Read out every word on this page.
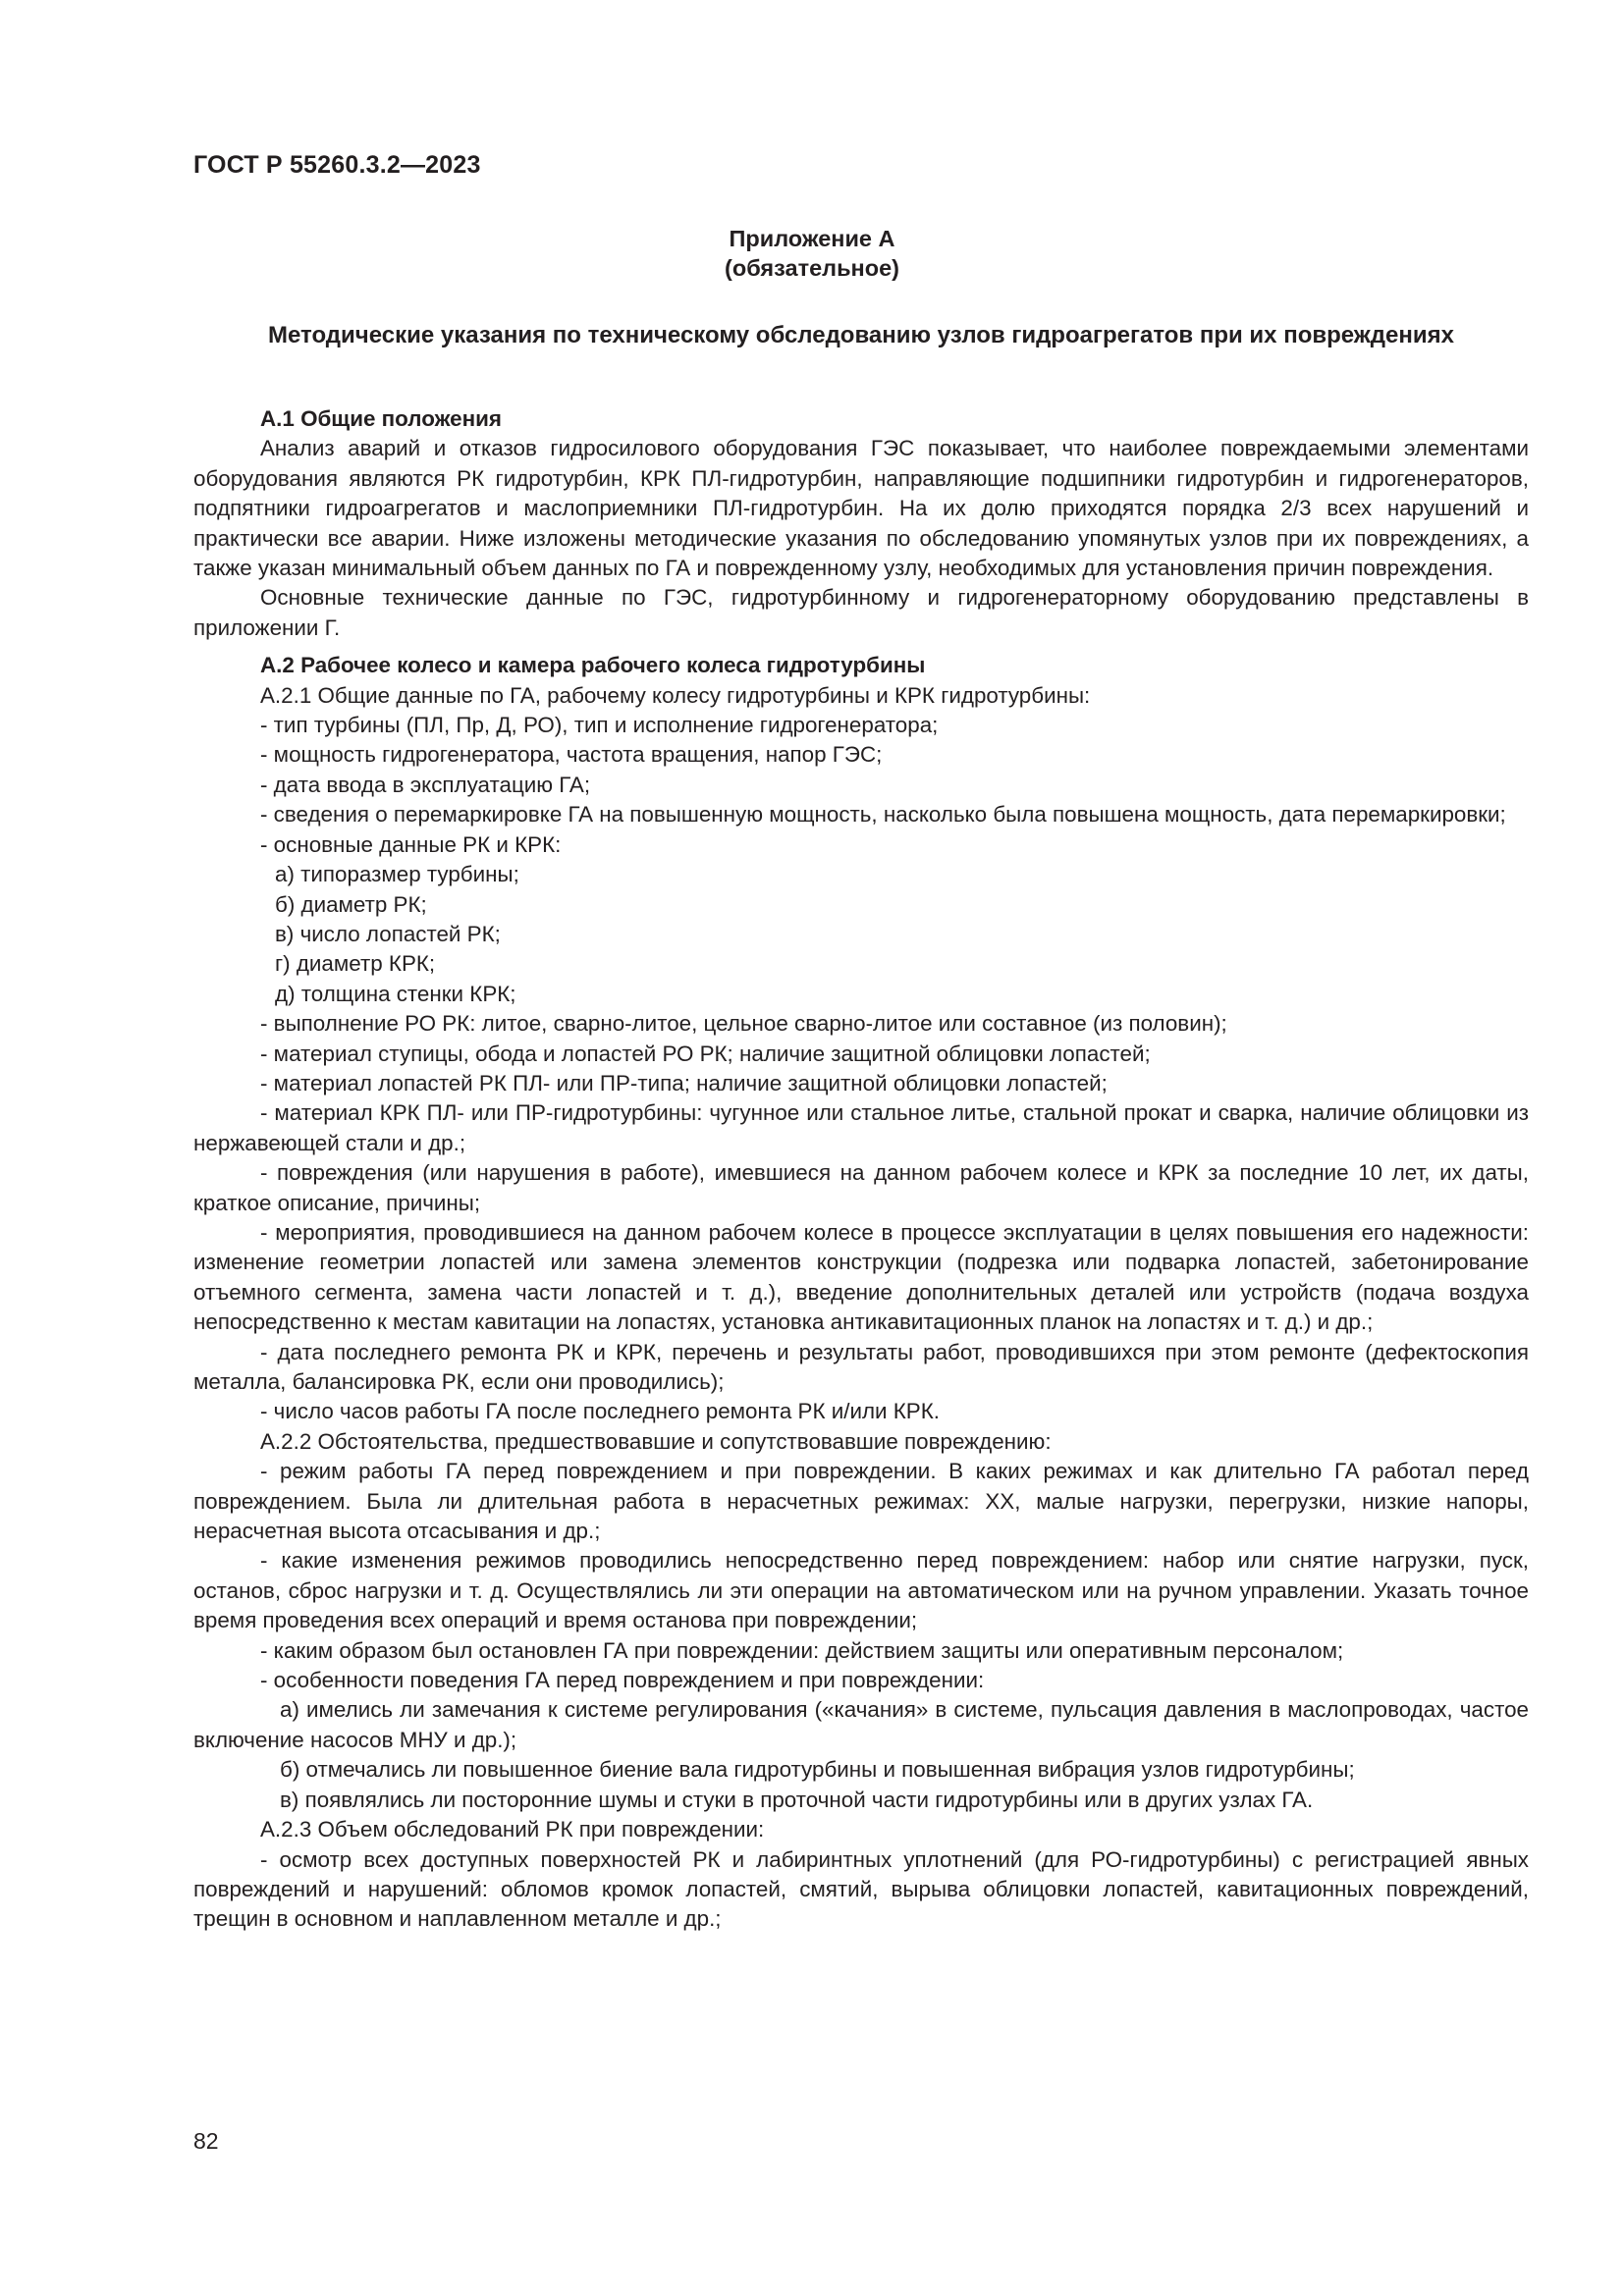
ГОСТ Р 55260.3.2—2023
Приложение А
(обязательное)
Методические указания по техническому обследованию узлов гидроагрегатов при их повреждениях

А.1 Общие положения

Анализ аварий и отказов гидросилового оборудования ГЭС показывает, что наиболее повреждаемыми элементами оборудования являются РК гидротурбин, КРК ПЛ-гидротурбин, направляющие подшипники гидротурбин и гидрогенераторов, подпятники гидроагрегатов и маслоприемники ПЛ-гидротурбин. На их долю приходятся порядка 2/3 всех нарушений и практически все аварии. Ниже изложены методические указания по обследованию упомянутых узлов при их повреждениях, а также указан минимальный объем данных по ГА и поврежденному узлу, необходимых для установления причин повреждения.

Основные технические данные по ГЭС, гидротурбинному и гидрогенераторному оборудованию представлены в приложении Г.

А.2 Рабочее колесо и камера рабочего колеса гидротурбины

А.2.1 Общие данные по ГА, рабочему колесу гидротурбины и КРК гидротурбины:

- тип турбины (ПЛ, Пр, Д, РО), тип и исполнение гидрогенератора;

- мощность гидрогенератора, частота вращения, напор ГЭС;

- дата ввода в эксплуатацию ГА;

- сведения о перемаркировке ГА на повышенную мощность, насколько была повышена мощность, дата перемаркировки;

- основные данные РК и КРК:

а) типоразмер турбины;

б) диаметр РК;

в) число лопастей РК;

г) диаметр КРК;

д) толщина стенки КРК;

- выполнение РО РК: литое, сварно-литое, цельное сварно-литое или составное (из половин);

- материал ступицы, обода и лопастей РО РК; наличие защитной облицовки лопастей;

- материал лопастей РК ПЛ- или ПР-типа; наличие защитной облицовки лопастей;

- материал КРК ПЛ- или ПР-гидротурбины: чугунное или стальное литье, стальной прокат и сварка, наличие облицовки из нержавеющей стали и др.;

- повреждения (или нарушения в работе), имевшиеся на данном рабочем колесе и КРК за последние 10 лет, их даты, краткое описание, причины;

- мероприятия, проводившиеся на данном рабочем колесе в процессе эксплуатации в целях повышения его надежности: изменение геометрии лопастей или замена элементов конструкции (подрезка или подварка лопастей, забетонирование отъемного сегмента, замена части лопастей и т. д.), введение дополнительных деталей или устройств (подача воздуха непосредственно к местам кавитации на лопастях, установка антикавитационных планок на лопастях и т. д.) и др.;

- дата последнего ремонта РК и КРК, перечень и результаты работ, проводившихся при этом ремонте (дефектоскопия металла, балансировка РК, если они проводились);

- число часов работы ГА после последнего ремонта РК и/или КРК.

А.2.2 Обстоятельства, предшествовавшие и сопутствовавшие повреждению:

- режим работы ГА перед повреждением и при повреждении. В каких режимах и как длительно ГА работал перед повреждением. Была ли длительная работа в нерасчетных режимах: XX, малые нагрузки, перегрузки, низкие напоры, нерасчетная высота отсасывания и др.;

- какие изменения режимов проводились непосредственно перед повреждением: набор или снятие нагрузки, пуск, останов, сброс нагрузки и т. д. Осуществлялись ли эти операции на автоматическом или на ручном управлении. Указать точное время проведения всех операций и время останова при повреждении;

- каким образом был остановлен ГА при повреждении: действием защиты или оперативным персоналом;

- особенности поведения ГА перед повреждением и при повреждении:

а) имелись ли замечания к системе регулирования («качания» в системе, пульсация давления в маслопроводах, частое включение насосов МНУ и др.);

б) отмечались ли повышенное биение вала гидротурбины и повышенная вибрация узлов гидротурбины;

в) появлялись ли посторонние шумы и стуки в проточной части гидротурбины или в других узлах ГА.

А.2.3 Объем обследований РК при повреждении:

- осмотр всех доступных поверхностей РК и лабиринтных уплотнений (для РО-гидротурбины) с регистрацией явных повреждений и нарушений: обломов кромок лопастей, смятий, вырыва облицовки лопастей, кавитационных повреждений, трещин в основном и наплавленном металле и др.;

82
